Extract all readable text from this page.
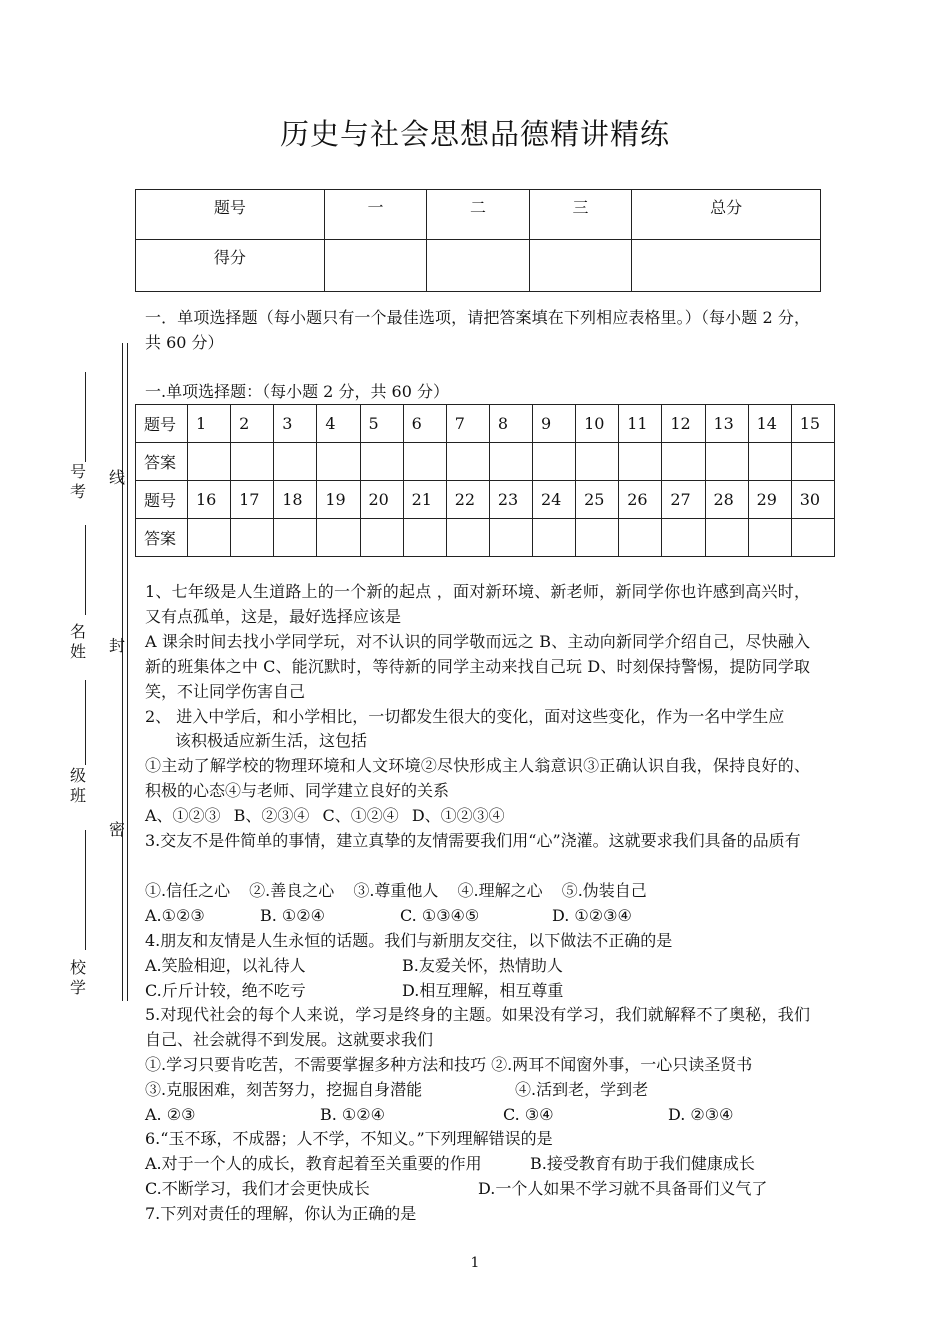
历史与社会思想品德精讲精练
题号	一	二	三	总分
得分				
一．单项选择题（每小题只有一个最佳选项，请把答案填在下列相应表格里。）（每小题 2 分，共 60 分）
一.单项选择题：（每小题 2 分，共 60 分）
题号	1	2	3	4	5	6	7	8	9	10	11	12	13	14	15
答案															
题号	16	17	18	19	20	21	22	23	24	25	26	27	28	29	30
答案															
号考
名姓
级班
校学
线
封
密
1、七年级是人生道路上的一个新的起点 ，面对新环境、新老师，新同学你也许感到高兴时，又有点孤单，这是，最好选择应该是
A 课余时间去找小学同学玩，对不认识的同学敬而远之 B、主动向新同学介绍自己，尽快融入新的班集体之中 C、能沉默时，等待新的同学主动来找自己玩 D、时刻保持警惕，提防同学取笑，不让同学伤害自己
2、 进入中学后，和小学相比，一切都发生很大的变化，面对这些变化，作为一名中学生应
该积极适应新生活，这包括
①主动了解学校的物理环境和人文环境②尽快形成主人翁意识③正确认识自我，保持良好的、积极的心态④与老师、同学建立良好的关系
A、①②③ B、②③④ C、①②④ D、①②③④
3.交友不是件简单的事情，建立真挚的友情需要我们用“心”浇灌。这就要求我们具备的品质有
①.信任之心 ②.善良之心 ③.尊重他人 ④.理解之心 ⑤.伪装自己
A.①②③	B. ①②④	C. ①③④⑤	D. ①②③④
4.朋友和友情是人生永恒的话题。我们与新朋友交往，以下做法不正确的是
A.笑脸相迎，以礼待人	B.友爱关怀，热情助人
C.斤斤计较，绝不吃亏	D.相互理解，相互尊重
5.对现代社会的每个人来说，学习是终身的主题。如果没有学习，我们就解释不了奥秘，我们自己、社会就得不到发展。这就要求我们
①.学习只要肯吃苦，不需要掌握多种方法和技巧 ②.两耳不闻窗外事，一心只读圣贤书
③.克服困难，刻苦努力，挖掘自身潜能	④.活到老，学到老
A. ②③	B. ①②④	C. ③④	D. ②③④
6.“玉不琢，不成器；人不学，不知义。”下列理解错误的是
A.对于一个人的成长，教育起着至关重要的作用	B.接受教育有助于我们健康成长
C.不断学习，我们才会更快成长	D.一个人如果不学习就不具备哥们义气了
7.下列对责任的理解，你认为正确的是
1
